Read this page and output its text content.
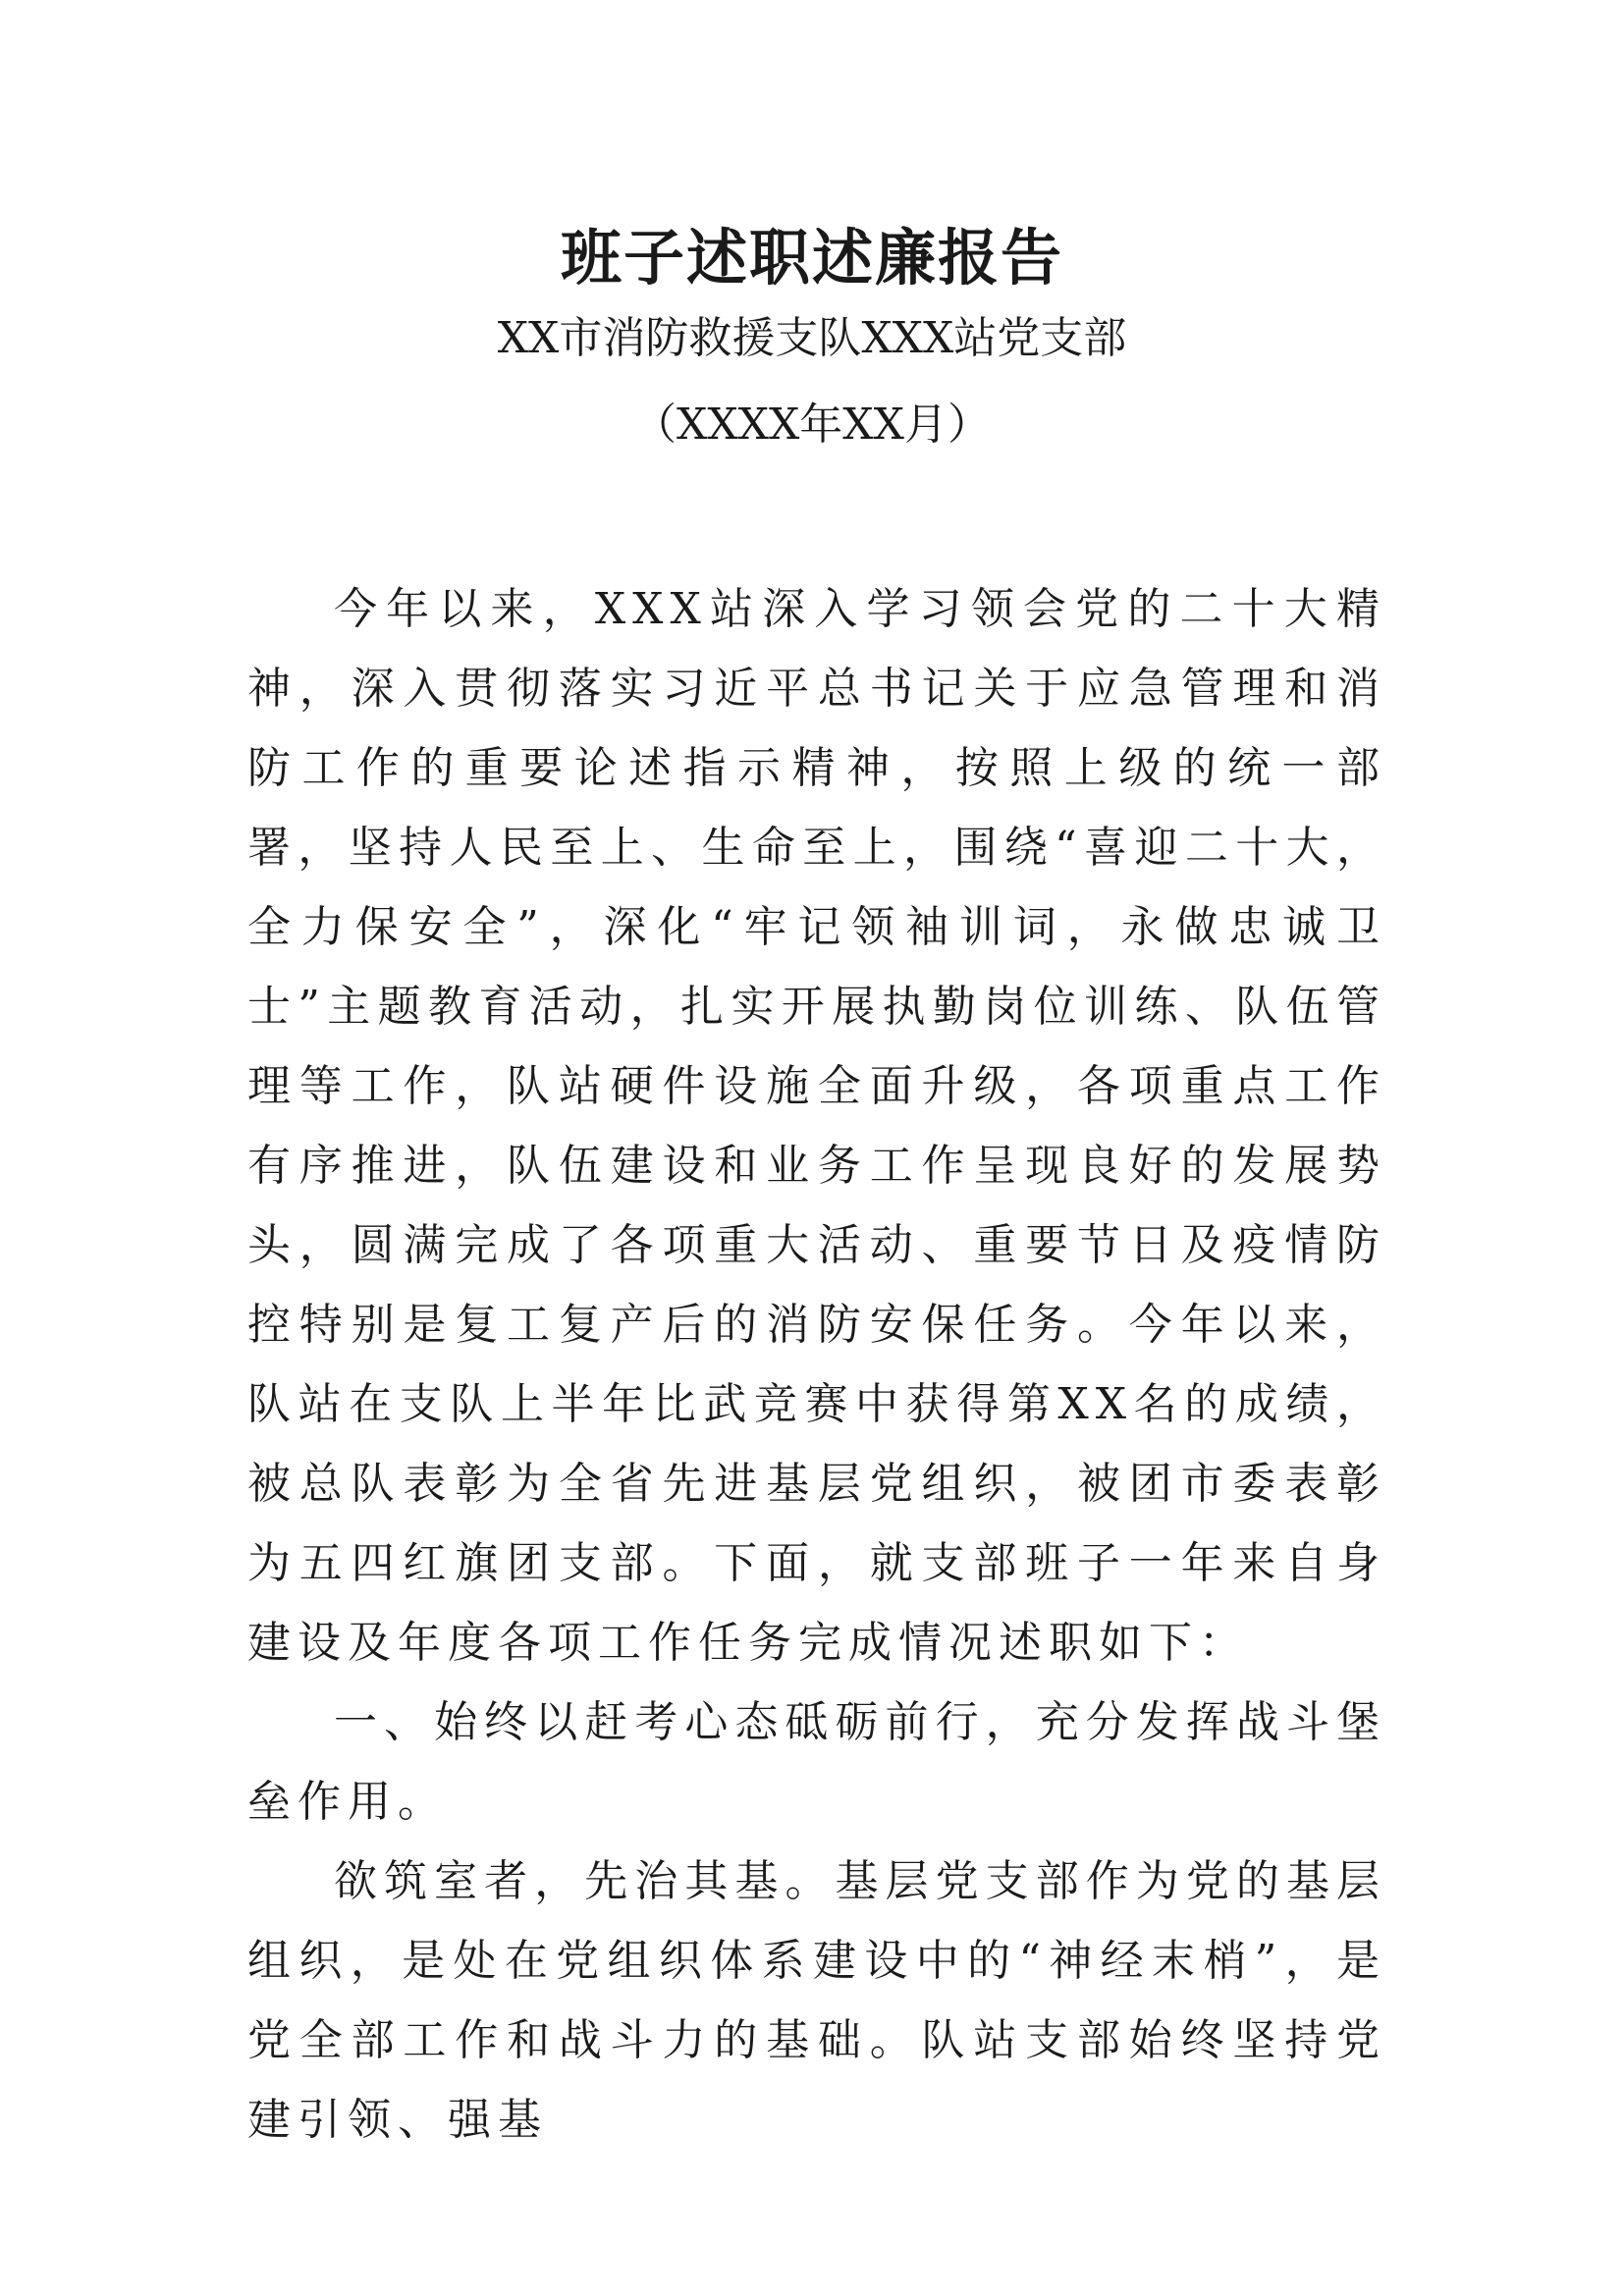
班子述职述廉报告
XX市消防救援支队XXX站党支部
（XXXX年XX月）

今年以来，XXX站深入学习领会党的二十大精神，深入贯彻落实习近平总书记关于应急管理和消防工作的重要论述指示精神，按照上级的统一部署，坚持人民至上、生命至上，围绕“喜迎二十大，全力保安全”，深化“牢记领袖训词，永做忠诚卫士”主题教育活动，扎实开展执勤岗位训练、队伍管理等工作，队站硬件设施全面升级，各项重点工作有序推进，队伍建设和业务工作呈现良好的发展势头，圆满完成了各项重大活动、重要节日及疫情防控特别是复工复产后的消防安保任务。今年以来，队站在支队上半年比武竞赛中获得第XX名的成绩，被总队表彰为全省先进基层党组织，被团市委表彰为五四红旗团支部。下面，就支部班子一年来自身建设及年度各项工作任务完成情况述职如下：

一、始终以赶考心态砥砺前行，充分发挥战斗堡垒作用。

欲筑室者，先治其基。基层党支部作为党的基层组织，是处在党组织体系建设中的“神经末梢”，是党全部工作和战斗力的基础。队站支部始终坚持党建引领、强基
